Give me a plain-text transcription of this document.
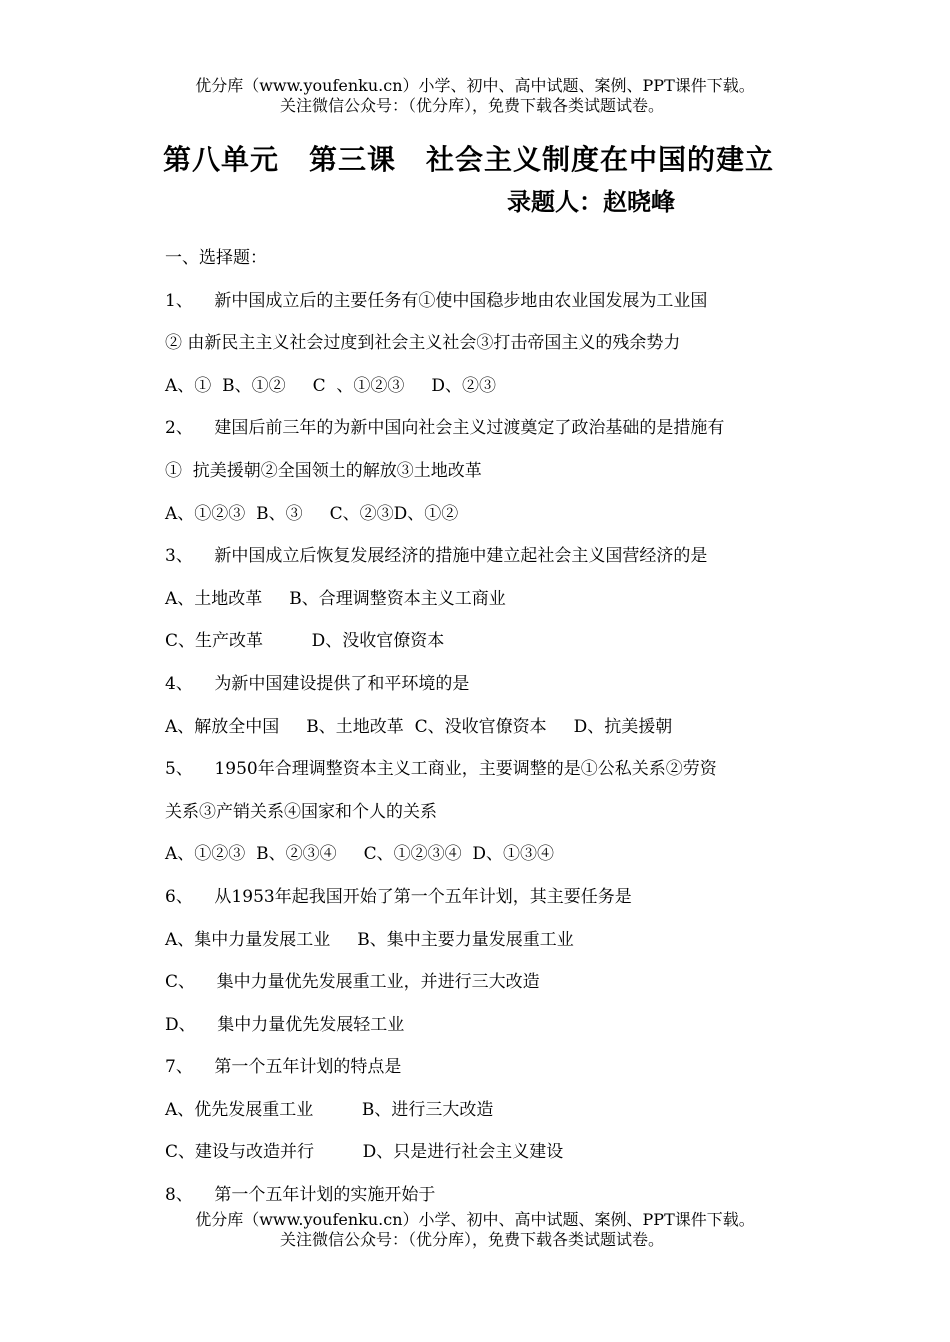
优分库（www.youfenku.cn）小学、初中、高中试题、案例、PPT课件下载。
关注微信公众号：（优分库），免费下载各类试题试卷。
第八单元 第三课 社会主义制度在中国的建立
录题人：赵晓峰
一、选择题：
1、    新中国成立后的主要任务有①使中国稳步地由农业国发展为工业国
② 由新民主主义社会过度到社会主义社会③打击帝国主义的残余势力
A、①  B、①②     C  、①②③     D、②③
2、    建国后前三年的为新中国向社会主义过渡奠定了政治基础的是措施有
①  抗美援朝②全国领土的解放③土地改革
A、①②③  B、③     C、②③D、①②
3、    新中国成立后恢复发展经济的措施中建立起社会主义国营经济的是
A、土地改革     B、合理调整资本主义工商业
C、生产改革         D、没收官僚资本
4、    为新中国建设提供了和平环境的是
A、解放全中国     B、土地改革  C、没收官僚资本     D、抗美援朝
5、    1950年合理调整资本主义工商业，主要调整的是①公私关系②劳资
关系③产销关系④国家和个人的关系
A、①②③  B、②③④     C、①②③④  D、①③④
6、    从1953年起我国开始了第一个五年计划，其主要任务是
A、集中力量发展工业     B、集中主要力量发展重工业
C、    集中力量优先发展重工业，并进行三大改造
D、    集中力量优先发展轻工业
7、    第一个五年计划的特点是
A、优先发展重工业         B、进行三大改造
C、建设与改造并行         D、只是进行社会主义建设
8、    第一个五年计划的实施开始于
优分库（www.youfenku.cn）小学、初中、高中试题、案例、PPT课件下载。
关注微信公众号：（优分库），免费下载各类试题试卷。
